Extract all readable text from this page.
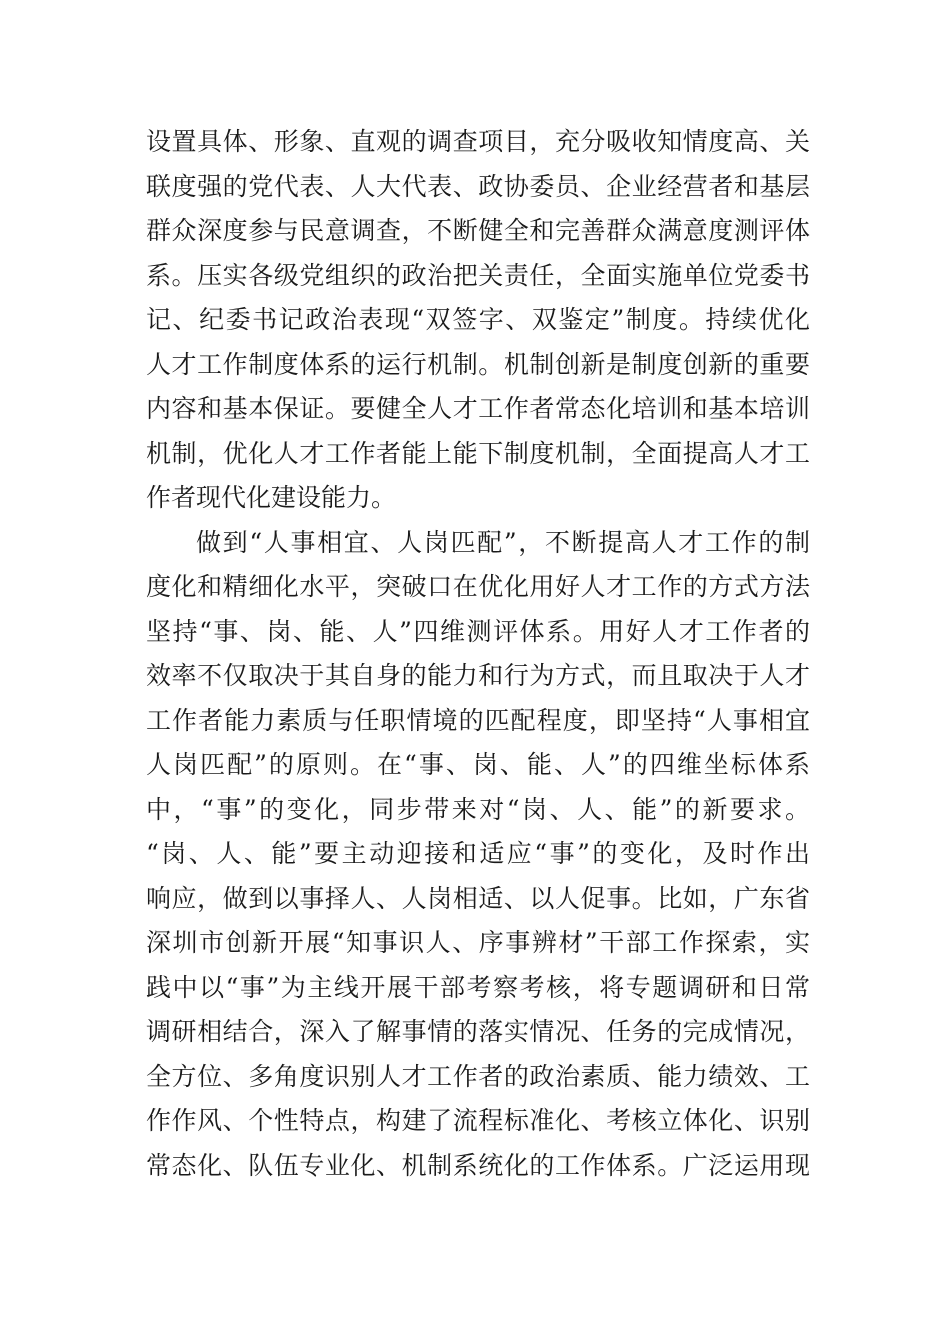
设置具体、形象、直观的调查项目，充分吸收知情度高、关
联度强的党代表、人大代表、政协委员、企业经营者和基层
群众深度参与民意调查，不断健全和完善群众满意度测评体
系。压实各级党组织的政治把关责任，全面实施单位党委书
记、纪委书记政治表现“双签字、双鉴定”制度。持续优化
人才工作制度体系的运行机制。机制创新是制度创新的重要
内容和基本保证。要健全人才工作者常态化培训和基本培训
机制，优化人才工作者能上能下制度机制，全面提高人才工
作者现代化建设能力。
做到“人事相宜、人岗匹配”，不断提高人才工作的制
度化和精细化水平，突破口在优化用好人才工作的方式方法
坚持“事、岗、能、人”四维测评体系。用好人才工作者的
效率不仅取决于其自身的能力和行为方式，而且取决于人才
工作者能力素质与任职情境的匹配程度，即坚持“人事相宜
人岗匹配”的原则。在“事、岗、能、人”的四维坐标体系
中，“事”的变化，同步带来对“岗、人、能”的新要求。
“岗、人、能”要主动迎接和适应“事”的变化，及时作出
响应，做到以事择人、人岗相适、以人促事。比如，广东省
深圳市创新开展“知事识人、序事辨材”干部工作探索，实
践中以“事”为主线开展干部考察考核，将专题调研和日常
调研相结合，深入了解事情的落实情况、任务的完成情况，
全方位、多角度识别人才工作者的政治素质、能力绩效、工
作作风、个性特点，构建了流程标准化、考核立体化、识别
常态化、队伍专业化、机制系统化的工作体系。广泛运用现
